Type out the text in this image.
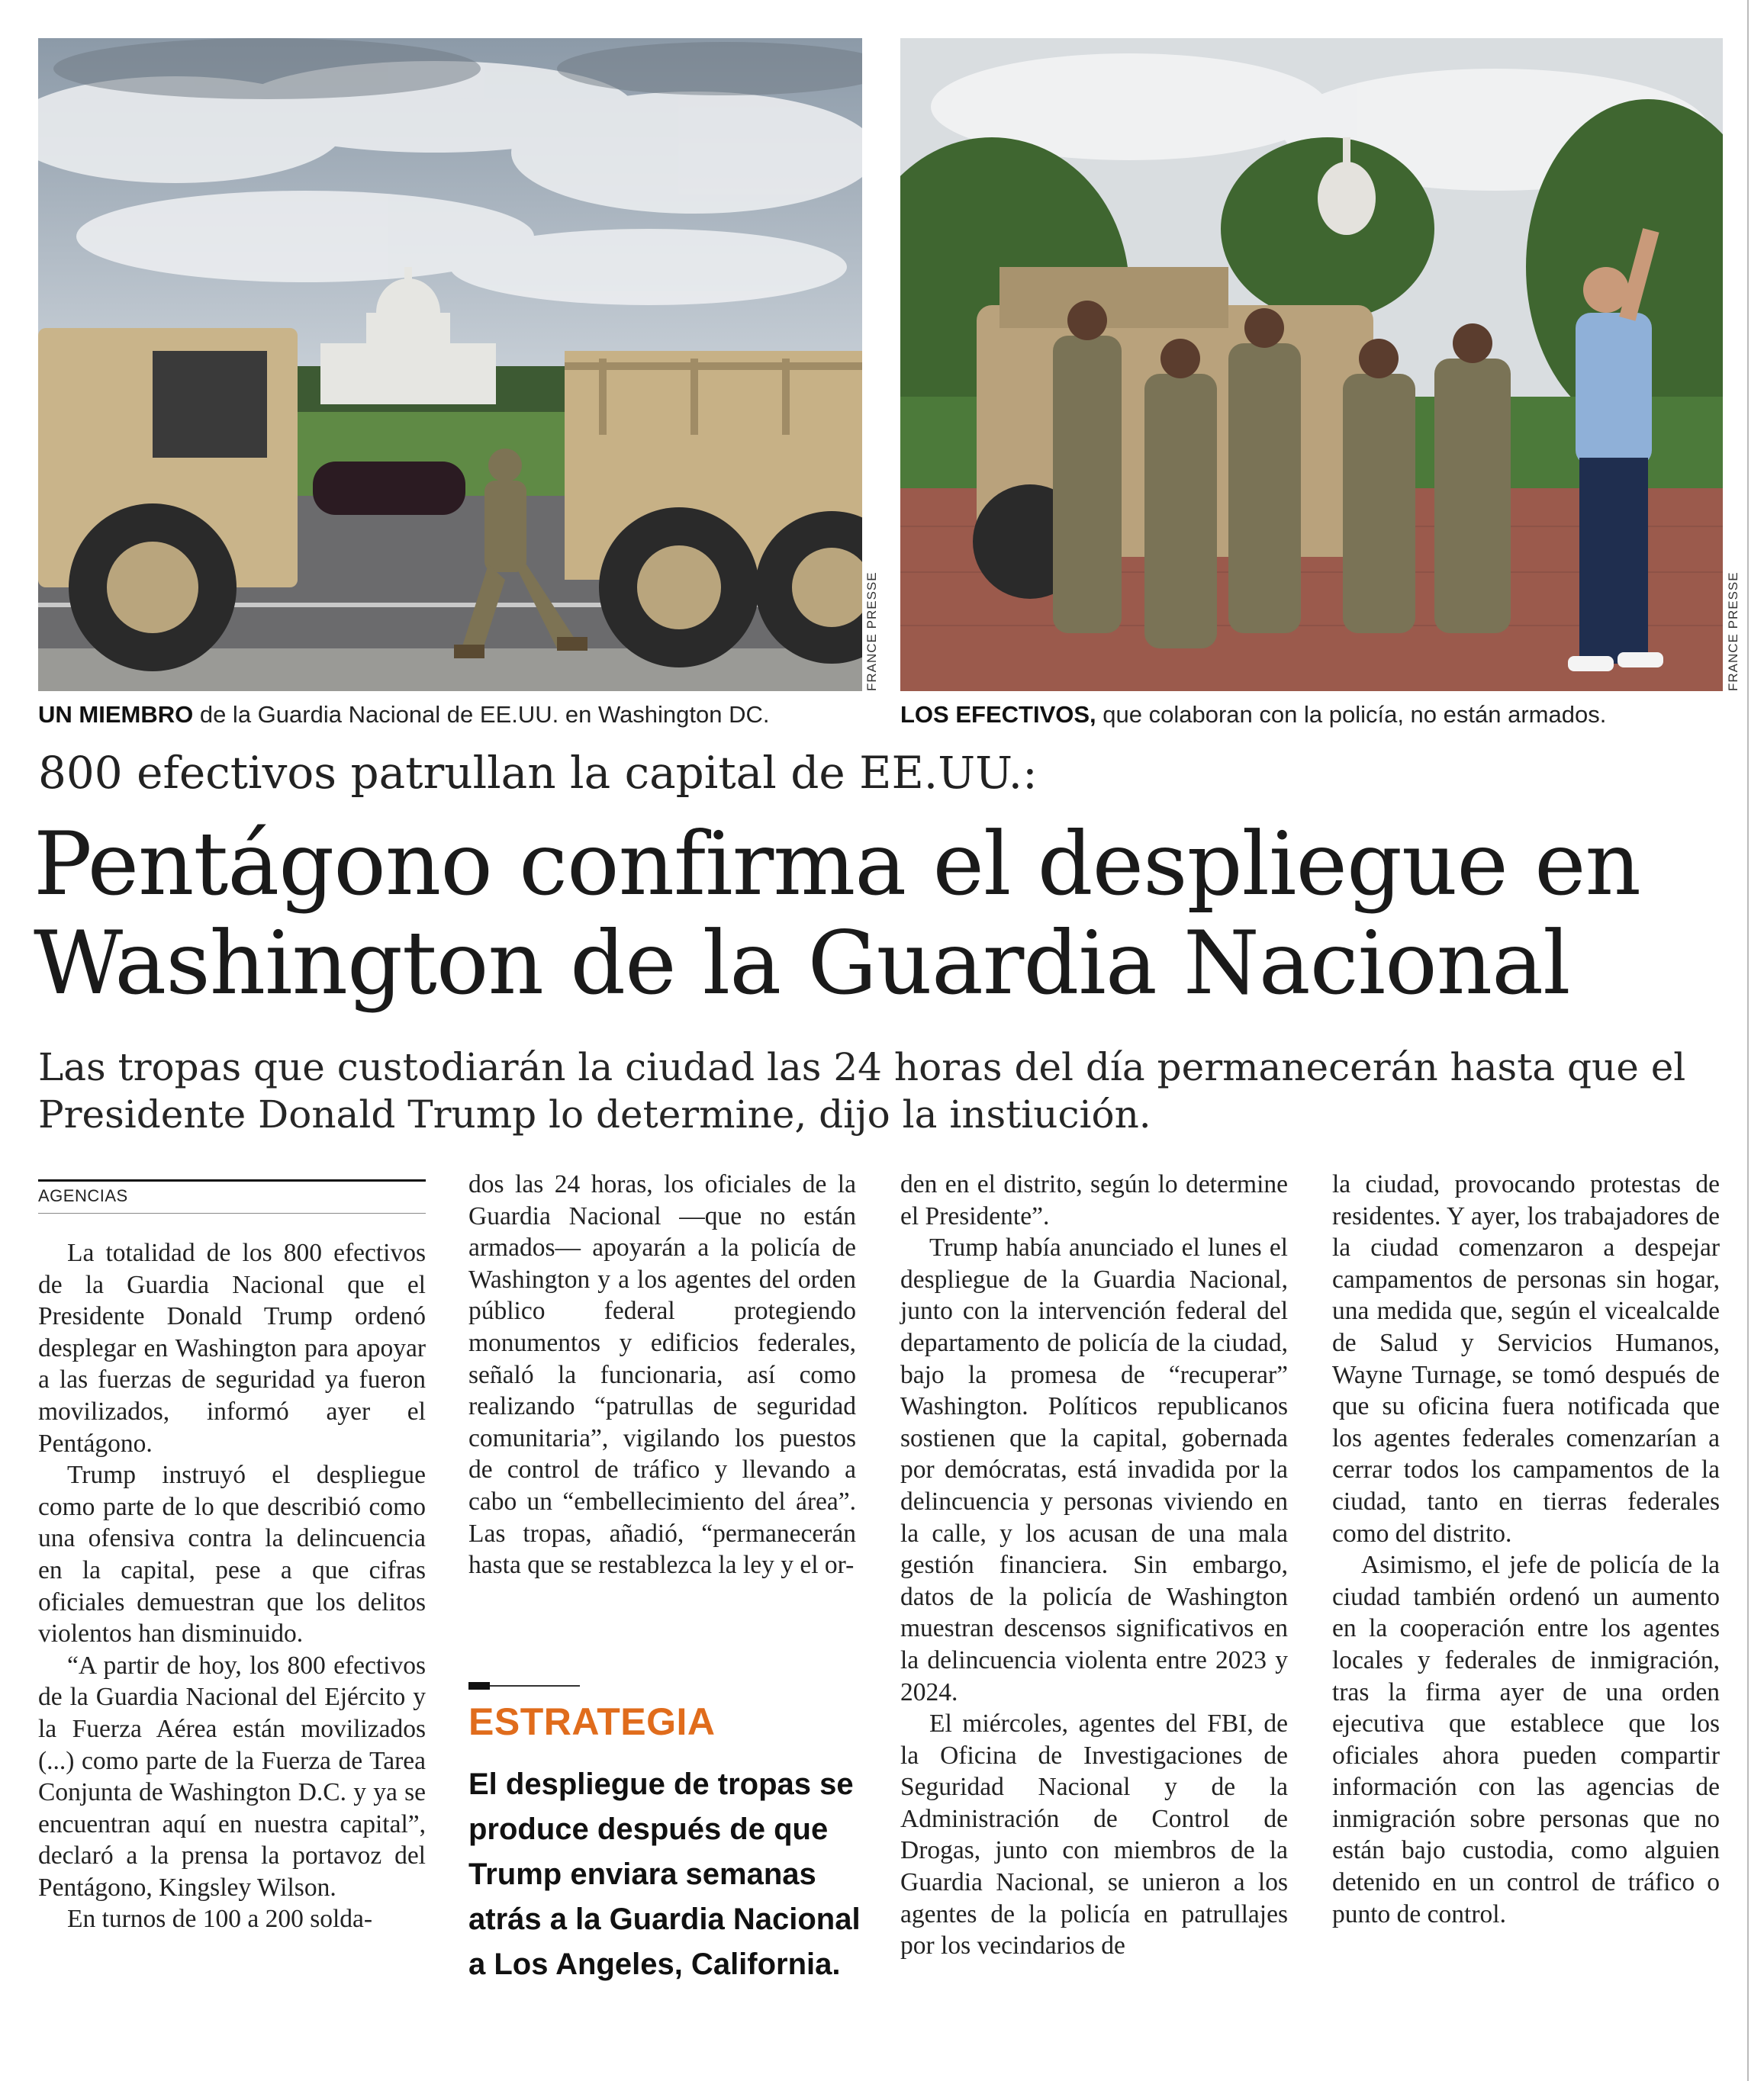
FRANCE PRESSE
UN MIEMBRO de la Guardia Nacional de EE.UU. en Washington DC.
FRANCE PRESSE
LOS EFECTIVOS, que colaboran con la policía, no están armados.
800 efectivos patrullan la capital de EE.UU.:
Pentágono confirma el despliegue en Washington de la Guardia Nacional
Las tropas que custodiarán la ciudad las 24 horas del día permanecerán hasta que el Presidente Donald Trump lo determine, dijo la instiución.
AGENCIAS

La totalidad de los 800 efectivos de la Guardia Nacional que el Presidente Donald Trump ordenó desplegar en Washington para apoyar a las fuerzas de seguridad ya fueron movilizados, informó ayer el Pentágono.

Trump instruyó el despliegue como parte de lo que describió como una ofensiva contra la delincuencia en la capital, pese a que cifras oficiales demuestran que los delitos violentos han disminuido.

“A partir de hoy, los 800 efectivos de la Guardia Nacional del Ejército y la Fuerza Aérea están movilizados (...) como parte de la Fuerza de Tarea Conjunta de Washington D.C. y ya se encuentran aquí en nuestra capital”, declaró a la prensa la portavoz del Pentágono, Kingsley Wilson.

En turnos de 100 a 200 solda-

dos las 24 horas, los oficiales de la Guardia Nacional —que no están armados— apoyarán a la policía de Washington y a los agentes del orden público federal protegiendo monumentos y edificios federales, señaló la funcionaria, así como realizando “patrullas de seguridad comunitaria”, vigilando los puestos de control de tráfico y llevando a cabo un “embellecimiento del área”. Las tropas, añadió, “permanecerán hasta que se restablezca la ley y el or-

ESTRATEGIA
El despliegue de tropas se produce después de que Trump enviara semanas atrás a la Guardia Nacional a Los Angeles, California.

den en el distrito, según lo determine el Presidente”.

Trump había anunciado el lunes el despliegue de la Guardia Nacional, junto con la intervención federal del departamento de policía de la ciudad, bajo la promesa de “recuperar” Washington. Políticos republicanos sostienen que la capital, gobernada por demócratas, está invadida por la delincuencia y personas viviendo en la calle, y los acusan de una mala gestión financiera. Sin embargo, datos de la policía de Washington muestran descensos significativos en la delincuencia violenta entre 2023 y 2024.

El miércoles, agentes del FBI, de la Oficina de Investigaciones de Seguridad Nacional y de la Administración de Control de Drogas, junto con miembros de la Guardia Nacional, se unieron a los agentes de la policía en patrullajes por los vecindarios de

la ciudad, provocando protestas de residentes. Y ayer, los trabajadores de la ciudad comenzaron a despejar campamentos de personas sin hogar, una medida que, según el vicealcalde de Salud y Servicios Humanos, Wayne Turnage, se tomó después de que su oficina fuera notificada que los agentes federales comenzarían a cerrar todos los campamentos de la ciudad, tanto en tierras federales como del distrito.

Asimismo, el jefe de policía de la ciudad también ordenó un aumento en la cooperación entre los agentes locales y federales de inmigración, tras la firma ayer de una orden ejecutiva que establece que los oficiales ahora pueden compartir información con las agencias de inmigración sobre personas que no están bajo custodia, como alguien detenido en un control de tráfico o punto de control.
